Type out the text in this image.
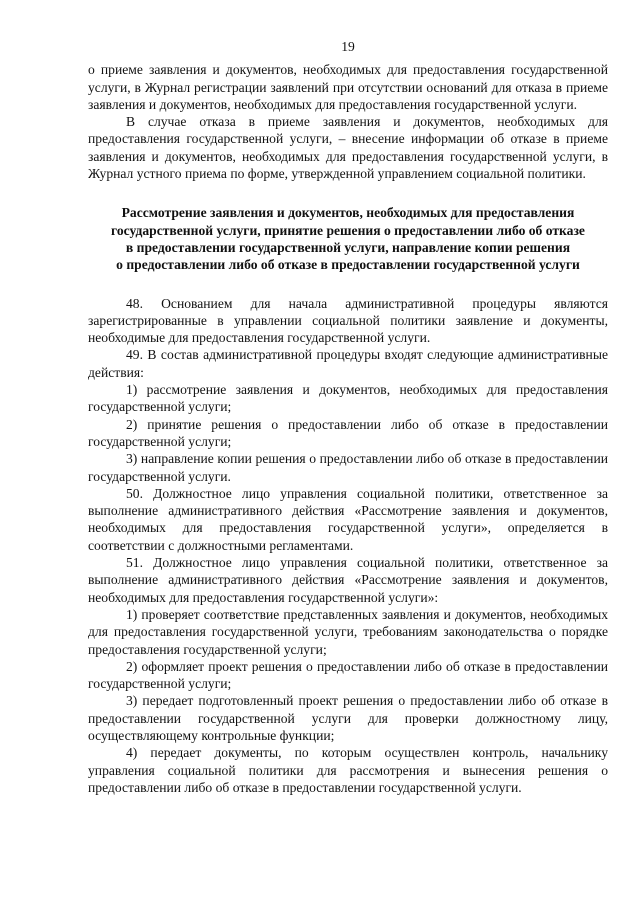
19

о приеме заявления и документов, необходимых для предоставления государственной услуги, в Журнал регистрации заявлений при отсутствии оснований для отказа в приеме заявления и документов, необходимых для предоставления государственной услуги.

В случае отказа в приеме заявления и документов, необходимых для предоставления государственной услуги, – внесение информации об отказе в приеме заявления и документов, необходимых для предоставления государственной услуги, в Журнал устного приема по форме, утвержденной управлением социальной политики.

Рассмотрение заявления и документов, необходимых для предоставления
государственной услуги, принятие решения о предоставлении либо об отказе
в предоставлении государственной услуги, направление копии решения
о предоставлении либо об отказе в предоставлении государственной услуги

48. Основанием для начала административной процедуры являются зарегистрированные в управлении социальной политики заявление и документы, необходимые для предоставления государственной услуги.

49. В состав административной процедуры входят следующие административные действия:

1) рассмотрение заявления и документов, необходимых для предоставления государственной услуги;

2) принятие решения о предоставлении либо об отказе в предоставлении государственной услуги;

3) направление копии решения о предоставлении либо об отказе в предоставлении государственной услуги.

50. Должностное лицо управления социальной политики, ответственное за выполнение административного действия «Рассмотрение заявления и документов, необходимых для предоставления государственной услуги», определяется в соответствии с должностными регламентами.

51. Должностное лицо управления социальной политики, ответственное за выполнение административного действия «Рассмотрение заявления и документов, необходимых для предоставления государственной услуги»:

1) проверяет соответствие представленных заявления и документов, необходимых для предоставления государственной услуги, требованиям законодательства о порядке предоставления государственной услуги;

2) оформляет проект решения о предоставлении либо об отказе в предоставлении государственной услуги;

3) передает подготовленный проект решения о предоставлении либо об отказе в предоставлении государственной услуги для проверки должностному лицу, осуществляющему контрольные функции;

4) передает документы, по которым осуществлен контроль, начальнику управления социальной политики для рассмотрения и вынесения решения о предоставлении либо об отказе в предоставлении государственной услуги.
